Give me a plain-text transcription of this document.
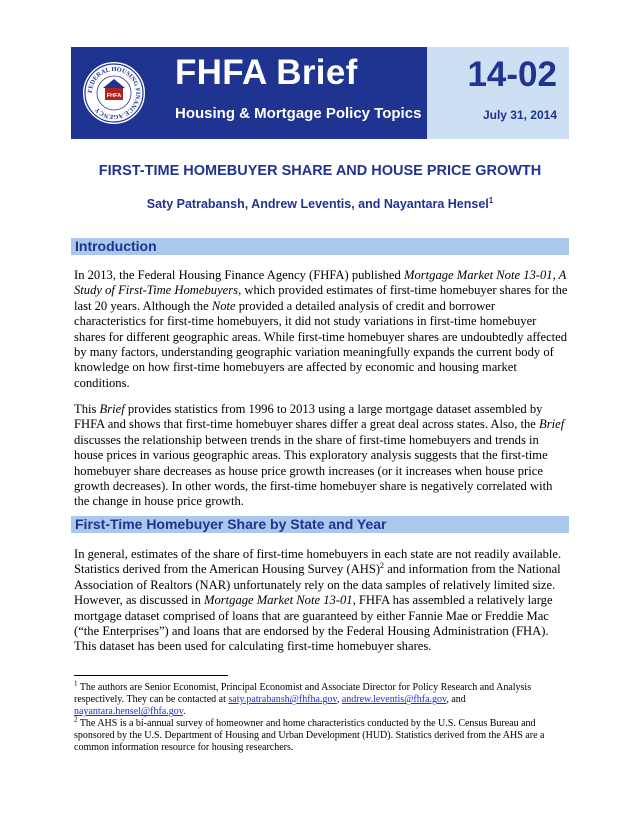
FEDERAL HOUSING FINANCE AGENCY
FHFA
FHFA Brief
Housing & Mortgage Policy Topics
14-02
July 31, 2014
FIRST-TIME HOMEBUYER SHARE AND HOUSE PRICE GROWTH
Saty Patrabansh, Andrew Leventis, and Nayantara Hensel$^1$
Introduction
In 2013, the Federal Housing Finance Agency (FHFA) published Mortgage Market Note 13-01, A Study of First-Time Homebuyers, which provided estimates of first-time homebuyer shares for the last 20 years. Although the Note provided a detailed analysis of credit and borrower characteristics for first-time homebuyers, it did not study variations in first-time homebuyer shares for different geographic areas. While first-time homebuyer shares are undoubtedly affected by many factors, understanding geographic variation meaningfully expands the current body of knowledge on how first-time homebuyers are affected by economic and housing market conditions.
This Brief provides statistics from 1996 to 2013 using a large mortgage dataset assembled by FHFA and shows that first-time homebuyer shares differ a great deal across states. Also, the Brief discusses the relationship between trends in the share of first-time homebuyers and trends in house prices in various geographic areas. This exploratory analysis suggests that the first-time homebuyer share decreases as house price growth increases (or it increases when house price growth decreases). In other words, the first-time homebuyer share is negatively correlated with the change in house price growth.
First-Time Homebuyer Share by State and Year
In general, estimates of the share of first-time homebuyers in each state are not readily available. Statistics derived from the American Housing Survey (AHS)$^2$ and information from the National Association of Realtors (NAR) unfortunately rely on the data samples of relatively limited size. However, as discussed in Mortgage Market Note 13-01, FHFA has assembled a relatively large mortgage dataset comprised of loans that are guaranteed by either Fannie Mae or Freddie Mac (“the Enterprises”) and loans that are endorsed by the Federal Housing Administration (FHA). This dataset has been used for calculating first-time homebuyer shares.
$^1$ The authors are Senior Economist, Principal Economist and Associate Director for Policy Research and Analysis respectively. They can be contacted at saty.patrabansh@fhfha.gov, andrew.leventis@fhfa.gov, and nayantara.hensel@fhfa.gov.
$^2$ The AHS is a bi-annual survey of homeowner and home characteristics conducted by the U.S. Census Bureau and sponsored by the U.S. Department of Housing and Urban Development (HUD). Statistics derived from the AHS are a common information resource for housing researchers.
